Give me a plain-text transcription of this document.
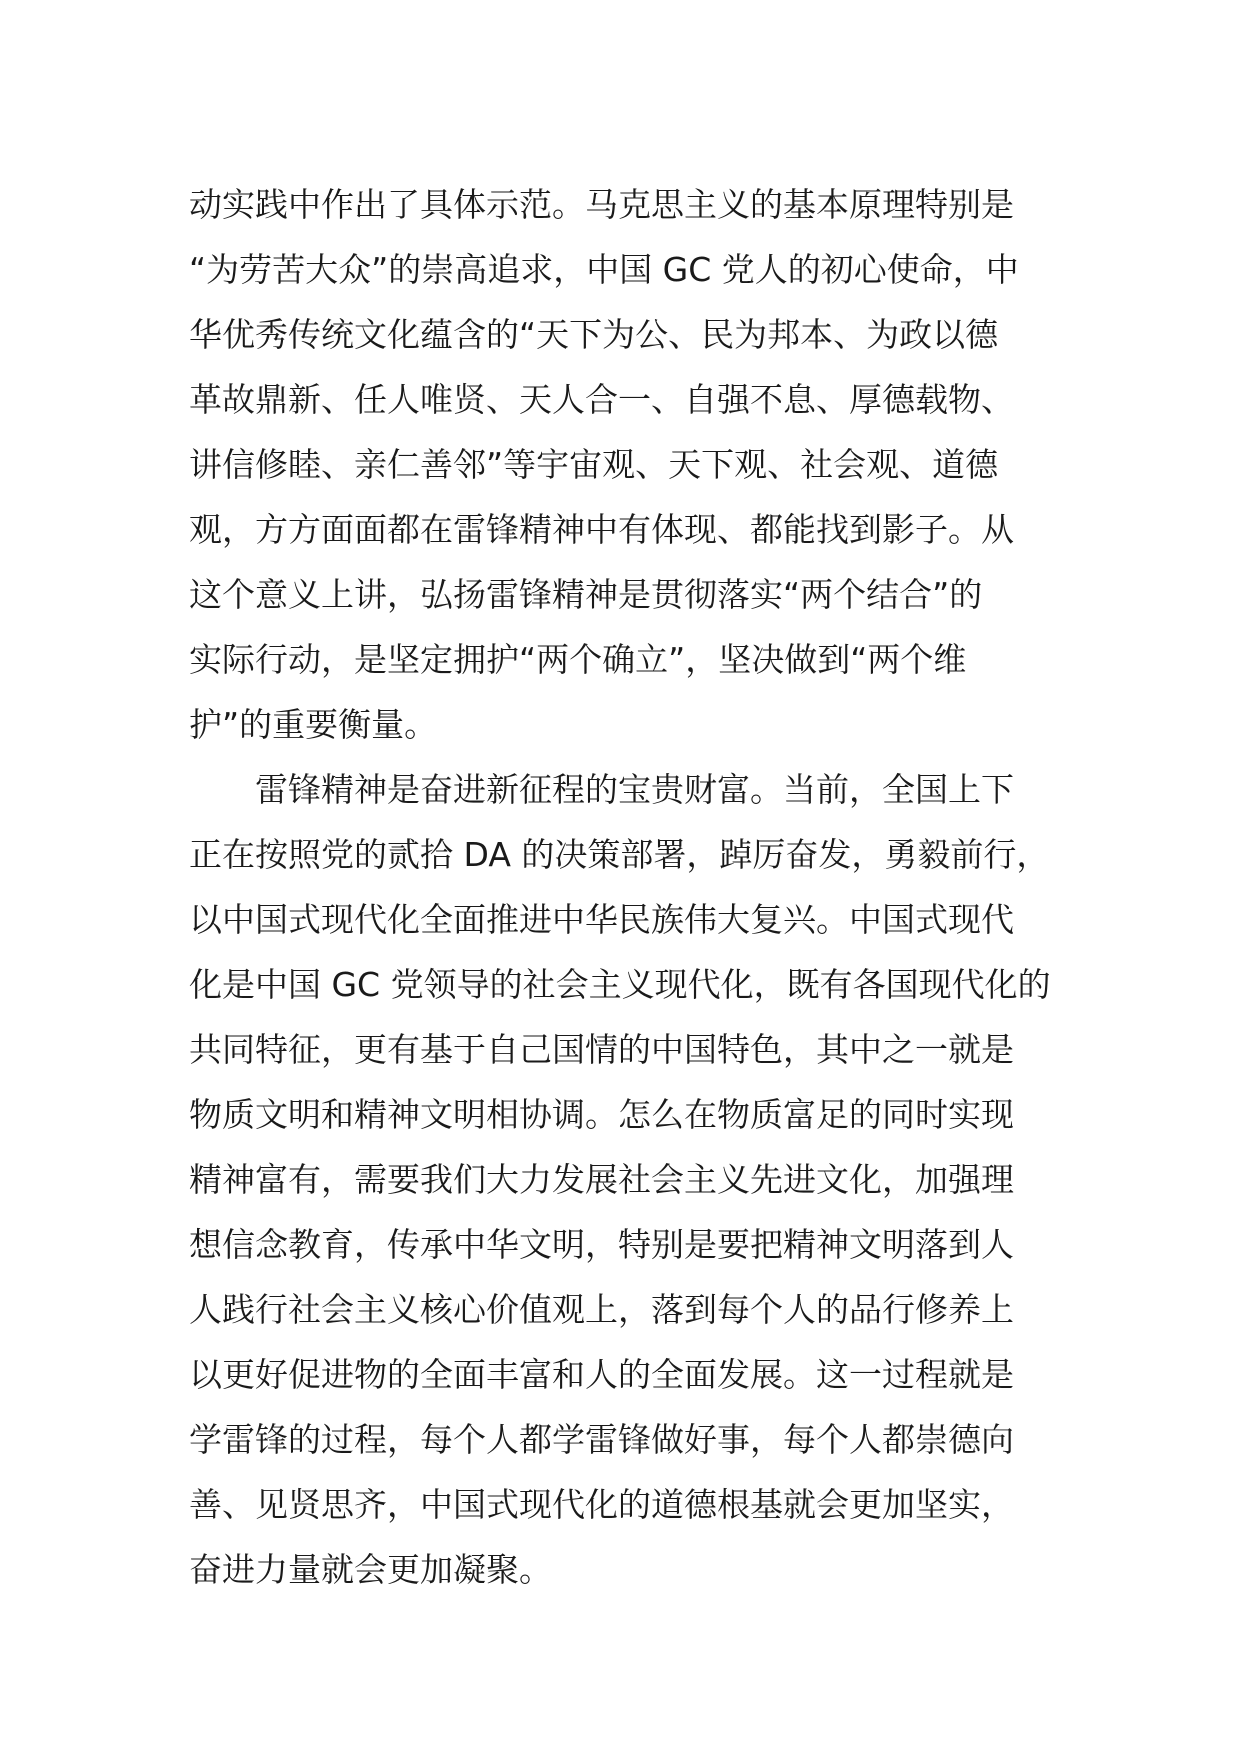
动实践中作出了具体示范。马克思主义的基本原理特别是
“为劳苦大众”的崇高追求，中国 GC 党人的初心使命，中
华优秀传统文化蕴含的“天下为公、民为邦本、为政以德
革故鼎新、任人唯贤、天人合一、自强不息、厚德载物、
讲信修睦、亲仁善邻”等宇宙观、天下观、社会观、道德
观，方方面面都在雷锋精神中有体现、都能找到影子。从
这个意义上讲，弘扬雷锋精神是贯彻落实“两个结合”的
实际行动，是坚定拥护“两个确立”，坚决做到“两个维
护”的重要衡量。
雷锋精神是奋进新征程的宝贵财富。当前，全国上下
正在按照党的贰拾 DA 的决策部署，踔厉奋发，勇毅前行，
以中国式现代化全面推进中华民族伟大复兴。中国式现代
化是中国 GC 党领导的社会主义现代化，既有各国现代化的
共同特征，更有基于自己国情的中国特色，其中之一就是
物质文明和精神文明相协调。怎么在物质富足的同时实现
精神富有，需要我们大力发展社会主义先进文化，加强理
想信念教育，传承中华文明，特别是要把精神文明落到人
人践行社会主义核心价值观上，落到每个人的品行修养上
以更好促进物的全面丰富和人的全面发展。这一过程就是
学雷锋的过程，每个人都学雷锋做好事，每个人都崇德向
善、见贤思齐，中国式现代化的道德根基就会更加坚实，
奋进力量就会更加凝聚。
